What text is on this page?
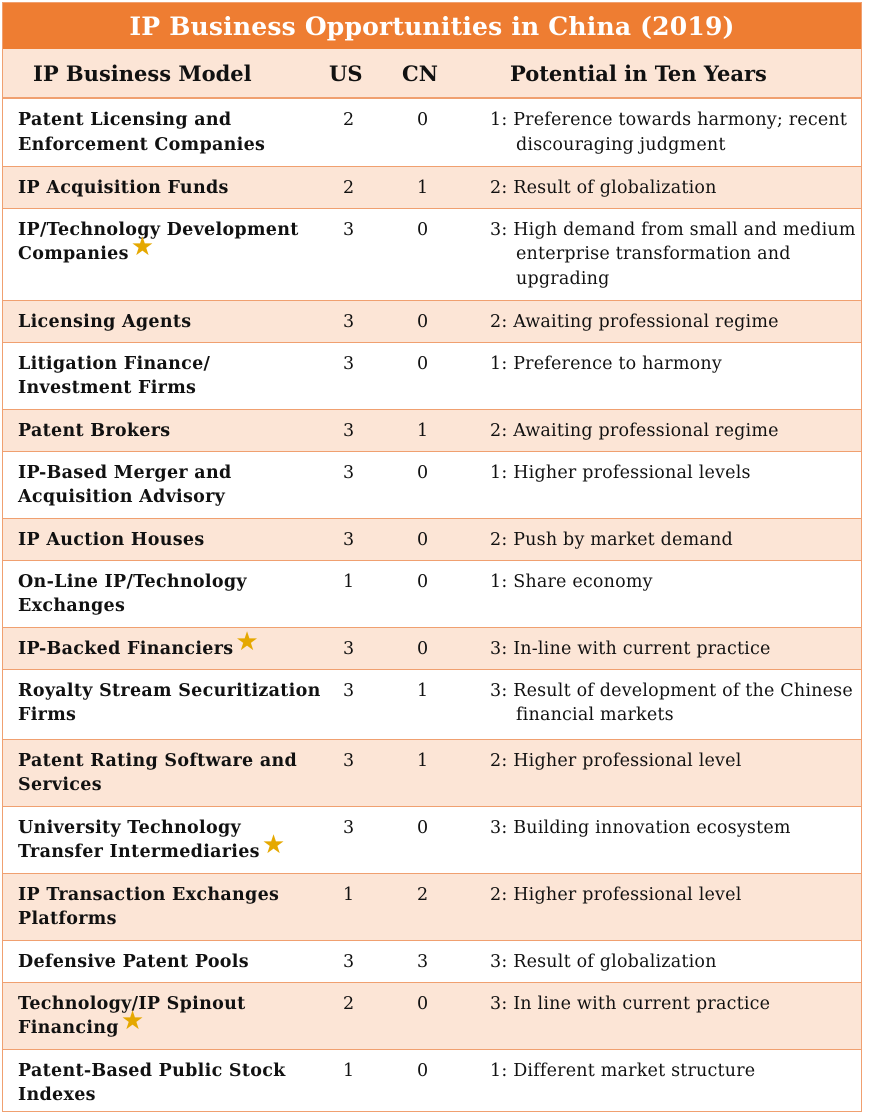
IP Business Opportunities in China (2019)
IP Business Model	US	CN	Potential in Ten Years
Patent Licensing and Enforcement Companies	2	0	1: Preference towards harmony; recent discouraging judgment

IP Acquisition Funds	2	1	2: Result of globalization

IP/Technology Development Companies★	3	0	3: High demand from small and medium enterprise transformation and upgrading

Licensing Agents	3	0	2: Awaiting professional regime

Litigation Finance/ Investment Firms	3	0	1: Preference to harmony

Patent Brokers	3	1	2: Awaiting professional regime

IP-Based Merger and Acquisition Advisory	3	0	1: Higher professional levels

IP Auction Houses	3	0	2: Push by market demand

On-Line IP/Technology Exchanges	1	0	1: Share economy

IP-Backed Financiers★	3	0	3: In-line with current practice

Royalty Stream Securitization Firms	3	1	3: Result of development of the Chinese financial markets

Patent Rating Software and Services	3	1	2: Higher professional level

University Technology Transfer Intermediaries★	3	0	3: Building innovation ecosystem

IP Transaction Exchanges Platforms	1	2	2: Higher professional level

Defensive Patent Pools	3	3	3: Result of globalization

Technology/IP Spinout Financing★	2	0	3: In line with current practice

Patent-Based Public Stock Indexes	1	0	1: Different market structure
